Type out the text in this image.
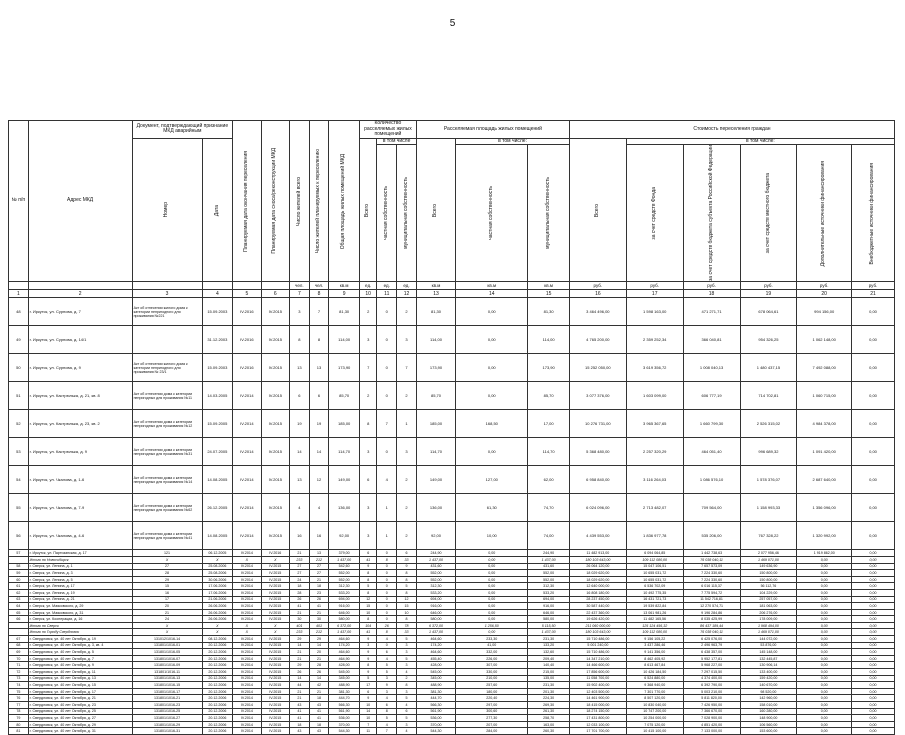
5
№ п/п	Адрес МКД	Документ, подтверждающий признание МКД аварийным		Планируемая дата окончания переселения	Планируемая дата сноса/реконструкции МКД	Число жителей всего	Число жителей планируемых к переселению	Общая площадь жилых помещений МКД	Количество расселяемых жилых помещений			Расселяемая площадь жилых помещений			Стоимость переселения граждан					

		Номер	Дата						Всего	в том числе		Всего	в том числе:		Всего	в том числе:				

										частная собственность	муниципальная собственность		частная собственность	муниципальная собственность		за счет средств Фонда	за счет средств бюджета субъекта Российской Федерации	за счет средств местного бюджета	Дополнительные источники финансирования	Внебюджетные источники финансирования

						чел.	чел.	кв.м	ед.	ед.	ед.	кв.м	кв.м	кв.м	руб.	руб.	руб.	руб.	руб.	руб.
1	2	3	4	5	6	7	8	9	10	11	12	13	14	15	16	17	18	19	20	21
48	г. Иркутск, ул. Сурнова, д. 7	Акт об отнесении жилого дома к категории непригодного для проживания №221	15.09.2003	IV.2016	IV.2015	3	7	81,30	2	0	2	81,30	0,00	81,30	3 464 496,00	1 598 163,00	471 271,71	678 064,61	994 156,00	0,00
49	г. Иркутск, ул. Сурнова, д. 14/1		31.12.2003	IV.2016	IV.2015	8	8	114,00	3	0	3	114,00	0,00	114,00	4 765 200,00	2 359 252,34	366 040,81	954 326,25	1 062 148,00	0,00
50	г. Иркутск, ул. Сурнова, д. 9	Акт об отнесении жилого дома к категории непригодного для проживания № 23/1	15.09.2003	IV.2016	IV.2015	13	13	173,90	7	0	7	173,90	0,00	173,90	15 252 050,00	3 619 356,72	1 008 040,13	1 480 437,15	7 492 088,00	0,00
51	г. Иркутск, ул. Кастрюлька, д. 21, кв. 8	Акт об отнесении дома к категории непригодных для проживания №11	14.03.2005	IV.2014	IV.2015	6	6	85,70	2	0	2	85,70	0,00	85,70	3 077 376,00	1 603 099,00	606 777,19	714 702,81	1 060 715,00	0,00
52	г. Иркутск, ул. Кастрюлька, д. 23, кв. 2	Акт об отнесении дома к категории непригодных для проживания №12	15.09.2005	IV.2014	IV.2015	19	19	185,00	8	7	1	185,00	168,50	17,00	10 276 731,00	3 965 367,65	1 660 799,30	2 526 315,02	4 984 378,00	0,00
53	г. Иркутск, ул. Кастрюлька, д. 9	Акт об отнесении дома к категории непригодных для проживания №31	24.07.2005	IV.2014	IV.2015	14	14	114,70	3	0	3	114,70	0,00	114,70	5 368 480,00	2 257 320,29	464 051,40	996 689,32	1 091 420,00	0,00
54	г. Иркутск, ул. Чкалова, д. 1-6	Акт об отнесении дома к категории непригодных для проживания №14	14.08.2005	IV.2014	IV.2015	13	12	149,00	6	4	2	149,00	127,00	62,00	6 958 840,00	3 116 264,03	1 086 576,10	1 578 376,07	2 687 640,00	0,00
55	г. Иркутск, ул. Чкалова, д. 7-9	Акт об отнесении дома к категории непригодных для проживания №62	26.12.2005	IV.2014	IV.2015	4	4	136,00	3	1	2	136,00	61,30	74,70	6 024 096,00	2 713 482,07	709 564,00	1 158 993,33	1 356 096,00	0,00
56	г. Иркутск, ул. Чкалова, д. 4-6	Акт об отнесении дома к категории непригодных для проживания №41	14.08.2005	IV.2014	IV.2015	16	16	92,00	3	1	2	92,00	10,00	74,00	4 439 553,00	1 836 977,78	535 206,00	767 328,22	1 320 992,00	0,00
57	г. Иркутск, ул. Партизанская, д. 17	121	06.12.2005	IV.2014	IV.2016	21	13	379,00	6	0	6	244,90	0,00	244,90	11 482 913,00	6 094 064,85	1 442 738,63	2 077 956,46	1 919 862,00	0,00
	Итого по Новосибирск	Х	Х	Х	Х	233	212	1 437,00	41	8	33	1 437,00	0,00	1 437,00	180 103 643,00	109 112 080,00	76 038 040,11	1 469 071,00	0,00	0,00
58	г. Сверск, ул. Ленина, д. 1	27	25.08.2006	IV.2014	IV.2015	27	27	542,60	9	0	9	431,60	0,00	431,60	26 064 120,00	15 047 106,51	7 657 573,09	149 636,90	0,00	0,00
59	г. Сверск, ул. Ленина, д. 3	28	25.08.2006	IV.2014	IV.2015	27	27	552,00	8	0	8	552,00	0,00	552,00	18 029 620,00	10 655 031,72	7 224 330,60	150 800,00	0,00	0,00
60	г. Сверск, ул. Ленина, д. 5	29	30.06.2006	IV.2014	IV.2015	24	21	552,00	8	0	8	552,00	0,00	552,00	18 029 620,00	10 655 031,72	7 224 330,60	150 800,00	0,00	0,00
61	г. Сверск, ул. Ленина, д. 17	15	17.06.2006	IV.2014	IV.2015	18	18	312,30	5	0	5	312,30	0,00	312,30	12 640 000,00	6 536 702,09	6 016 115,37	56 112,76	0,00	0,00
62	г. Сверск, ул. Ленина, д. 19	16	17.06.2006	IV.2014	IV.2015	28	23	533,20	8	0	8	533,20	0,00	533,20	16 808 180,00	10 492 775,35	7 775 594,72	104 229,00	0,00	0,00
63	г. Сверск, ул. Ленина, д. 21	17	21.06.2006	IV.2014	IV.2015	26	26	694,00	12	0	12	694,00	0,00	694,00	28 237 450,00	16 431 721,73	11 542 716,81	257 057,00	0,00	0,00
64	г. Сверск, ул. Маяковского, д. 29	20	26.06.2006	IV.2014	IV.2015	41	41	916,00	15	0	15	916,00	0,00	916,00	30 587 440,00	19 539 822,84	12 270 574,71	181 063,00	0,00	0,00
65	г. Сверск, ул. Маяковского, д. 31	21	26.06.2006	IV.2014	IV.2015	21	21	646,00	10	0	10	646,00	0,00	646,00	22 437 360,00	13 061 981,26	9 196 284,86	206 276,00	0,00	0,00
66	г. Сверск, ул. Кооперации, д. 16	24	26.06.2006	IV.2014	IV.2015	30	30	580,00	8	0	8	580,00	0,00	580,00	19 626 420,00	11 482 165,56	8 035 425,99	178 009,00	0,00	0,00
	Итого по Сверск	Х	Х	Х	Х	401	401	6 372,00	104	26	78	6 372,00	1 256,50	5 115,50	211 060 000,00	125 124 456,32	86 437 189,44	1 968 494,00	0,00	0,00
	Итого по Городу Свердловск	Х	Х	Х	Х	233	212	1 437,00	41	8	33	1 437,00	0,00	1 437,00	180 103 643,00	109 112 080,00	76 038 040,11	1 469 071,00	0,00	0,00
67	г. Свердловск, ул. 40 лет Октября, д. 19	131012/1016-14	08.12.2006	IV.2014	IV.2015	29	29	464,60	9	4	5	464,60	233,30	231,30	15 710 486,00	9 156 105,22	6 425 076,00	144 072,00	0,00	0,00
68	г. Свердловск, ул. 40 лет Октября, д. 3, кв. 4	131801/1016-01	20.12.2006	IV.2014	IV.2015	14	14	174,20	3	0	3	174,20	41,00	133,20	5 001 240,00	3 437 286,46	2 496 963,79	53 876,00	0,00	0,00
69	г. Свердловск, ул. 40 лет Октября, д. 5	131801/1016-05	20.12.2006	IV.2014	IV.2015	21	20	464,60	9	6	3	464,60	332,00	132,60	15 710 486,00	9 141 356,00	6 438 357,00	145 148,00	0,00	0,00
70	г. Свердловск, ул. 40 лет Октября, д. 7	131801/1016-07	20.12.2006	IV.2014	IV.2015	21	21	464,90	9	4	5	455,40	226,00	209,40	14 347 210,00	8 462 405,92	5 952 177,81	132 445,87	0,00	0,00
71	г. Свердловск, ул. 40 лет Октября, д. 9	131801/1016-09	20.12.2006	IV.2014	IV.2015	29	28	428,00	8	5	3	428,00	307,00	140,40	14 466 600,00	8 613 467,84	5 968 227,00	130 906,14	0,00	0,00
72	г. Свердловск, ул. 40 лет Октября, д. 11	131801/1016-11	20.12.2006	IV.2014	IV.2015	26	26	545,00	9	5	4	545,00	330,00	215,00	17 856 600,00	10 426 184,50	7 297 015,50	133 400,00	0,00	0,00
73	г. Свердловск, ул. 40 лет Октября, д. 13	131801/1016-13	20.12.2006	IV.2014	IV.2015	14	14	345,00	5	3	2	345,00	210,00	135,00	11 058 700,00	6 524 880,00	4 374 400,00	159 420,00	0,00	0,00
74	г. Свердловск, ул. 40 лет Октября, д. 15	131801/1016-15	20.12.2006	IV.2014	IV.2015	44	42	488,90	17	9	8	488,90	257,60	231,30	15 902 400,00	9 368 940,00	6 392 790,00	140 670,00	0,00	0,00
75	г. Свердловск, ул. 40 лет Октября, д. 17	131801/1016-17	20.12.2006	IV.2014	IV.2015	21	21	381,30	6	3	3	381,30	180,00	201,30	12 403 500,00	7 301 770,00	5 003 210,00	98 520,00	0,00	0,00
76	г. Свердловск, ул. 40 лет Октября, д. 21	131801/1016-21	20.12.2006	IV.2014	IV.2015	21	18	444,70	9	4	5	444,70	220,40	224,30	14 461 900,00	8 507 120,00	5 811 820,00	142 960,00	0,00	0,00
77	г. Свердловск, ул. 40 лет Октября, д. 23	131801/1016-23	20.12.2006	IV.2014	IV.2015	43	43	566,30	10	6	4	566,30	297,00	269,30	18 415 000,00	10 830 040,00	7 426 950,00	158 010,00	0,00	0,00
78	г. Свердловск, ул. 40 лет Октября, д. 25	131801/1016-25	20.12.2006	IV.2014	IV.2015	41	41	561,90	14	8	6	561,90	300,60	261,30	18 274 150,00	10 747 200,00	7 366 670,00	160 280,00	0,00	0,00
79	г. Свердловск, ул. 40 лет Октября, д. 27	131801/1016-27	20.12.2006	IV.2014	IV.2015	41	41	536,00	10	5	5	536,00	277,30	258,70	17 431 800,00	10 254 000,00	7 028 900,00	148 900,00	0,00	0,00
80	г. Свердловск, ул. 40 лет Октября, д. 29	131801/1016-29	20.12.2006	IV.2014	IV.2015	18	18	370,00	7	4	3	370,00	207,00	163,00	12 033 100,00	7 075 120,00	4 851 420,00	106 560,00	0,00	0,00
81	г. Свердловск, ул. 40 лет Октября, д. 31	131801/1016-31	20.12.2006	IV.2014	IV.2015	43	43	544,30	11	7	4	544,30	284,00	260,30	17 701 700,00	10 415 100,00	7 133 000,00	153 600,00	0,00	0,00
